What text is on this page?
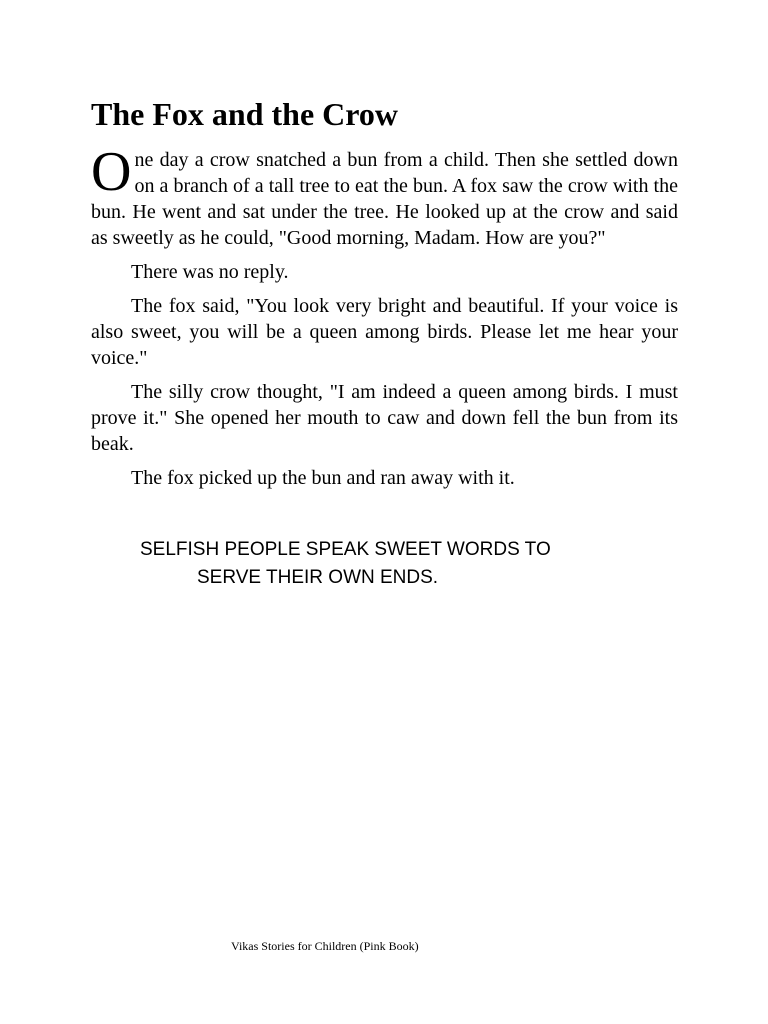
The Fox and the Crow

One day a crow snatched a bun from a child. Then she settled down on a branch of a tall tree to eat the bun. A fox saw the crow with the bun. He went and sat under the tree. He looked up at the crow and said as sweetly as he could, "Good morning, Madam. How are you?"

There was no reply.

The fox said, "You look very bright and beautiful. If your voice is also sweet, you will be a queen among birds. Please let me hear your voice."

The silly crow thought, "I am indeed a queen among birds. I must prove it." She opened her mouth to caw and down fell the bun from its beak.

The fox picked up the bun and ran away with it.

SELFISH PEOPLE SPEAK SWEET WORDS TO
SERVE THEIR OWN ENDS.
Vikas Stories for Children (Pink Book)
